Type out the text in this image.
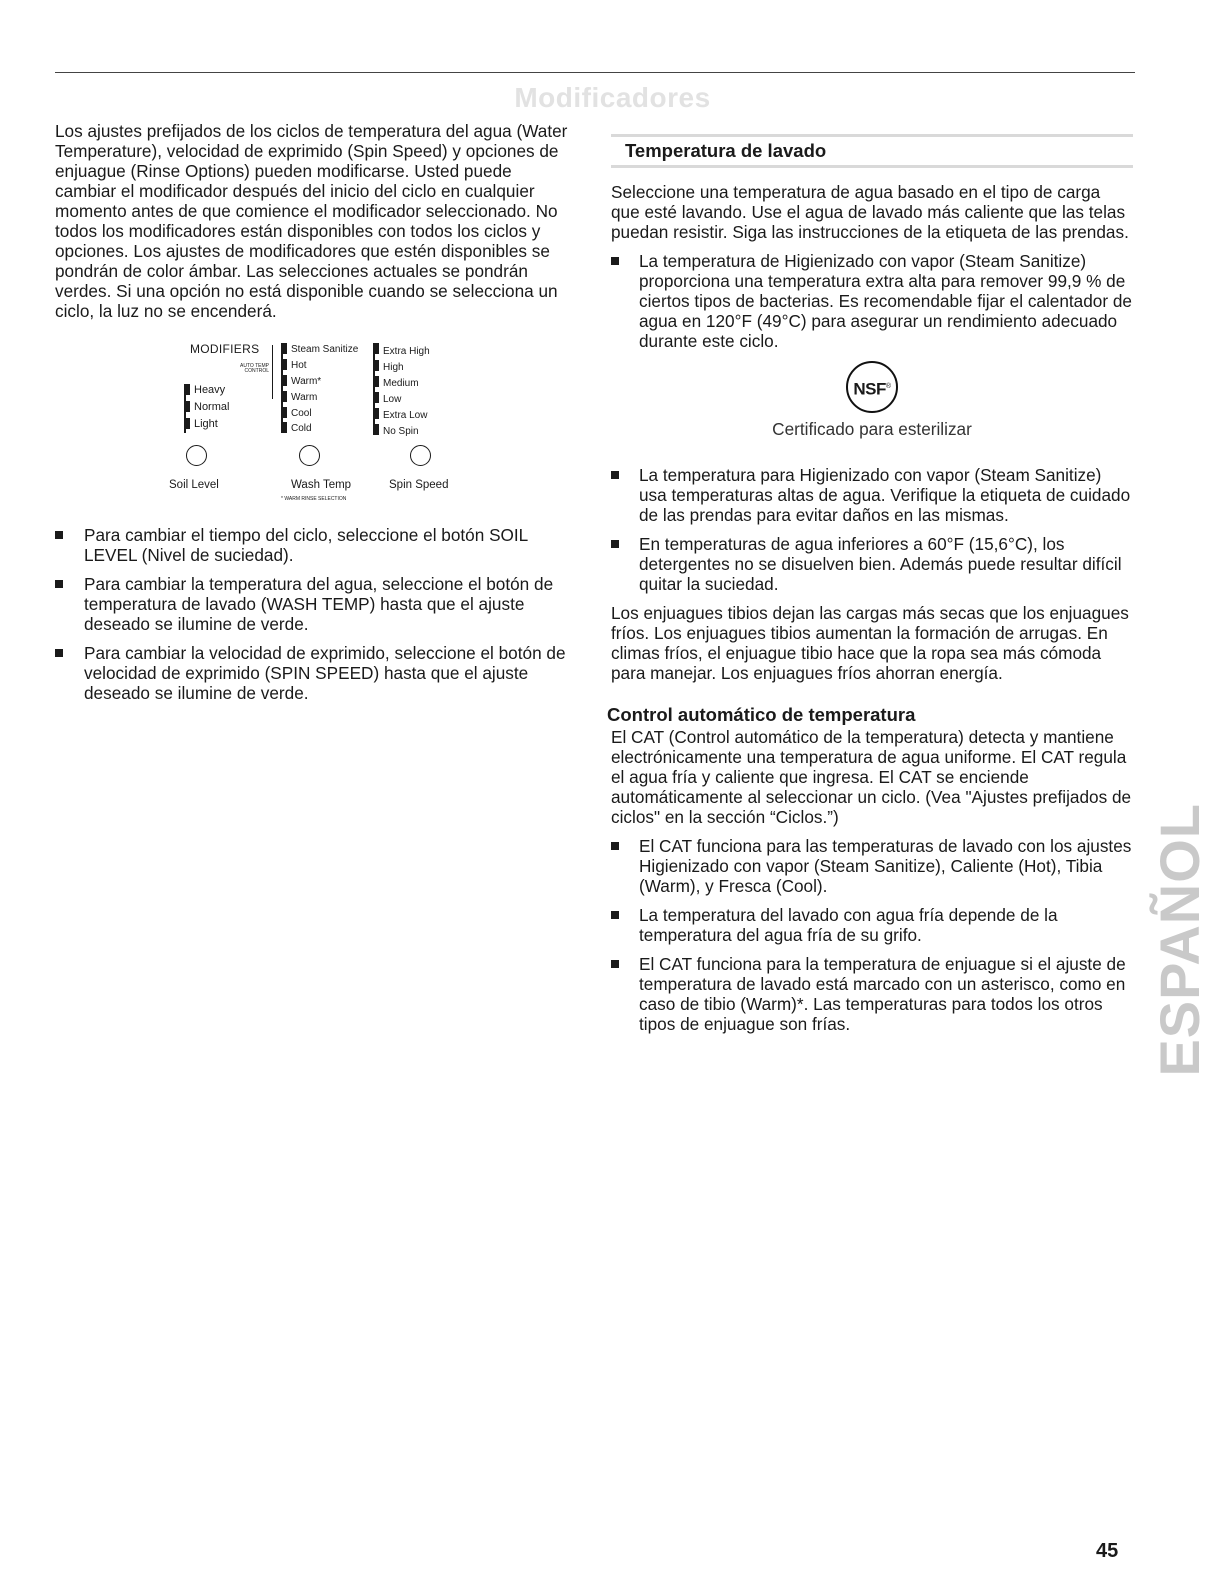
Modificadores

Los ajustes prefijados de los ciclos de temperatura del agua (Water Temperature), velocidad de exprimido (Spin Speed) y opciones de enjuague (Rinse Options) pueden modificarse. Usted puede cambiar el modificador después del inicio del ciclo en cualquier momento antes de que comience el modificador seleccionado. No todos los modificadores están disponibles con todos los ciclos y opciones. Los ajustes de modificadores que estén disponibles se pondrán de color ámbar. Las selecciones actuales se pondrán verdes. Si una opción no está disponible cuando se selecciona un ciclo, la luz no se encenderá.

MODIFIERS
Heavy
Normal
Light
AUTO TEMP CONTROL
Steam Sanitize
Hot
Warm*
Warm
Cool
Cold
Extra High
High
Medium
Low
Extra Low
No Spin
Soil Level	Wash Temp
* WARM RINSE SELECTION
Spin Speed
Para cambiar el tiempo del ciclo, seleccione el botón SOIL LEVEL (Nivel de suciedad).
Para cambiar la temperatura del agua, seleccione el botón de temperatura de lavado (WASH TEMP) hasta que el ajuste deseado se ilumine de verde.
Para cambiar la velocidad de exprimido, seleccione el botón de velocidad de exprimido (SPIN SPEED) hasta que el ajuste deseado se ilumine de verde.
Temperatura de lavado

Seleccione una temperatura de agua basado en el tipo de carga que esté lavando. Use el agua de lavado más caliente que las telas puedan resistir. Siga las instrucciones de la etiqueta de las prendas.

La temperatura de Higienizado con vapor (Steam Sanitize) proporciona una temperatura extra alta para remover 99,9 % de ciertos tipos de bacterias. Es recomendable fijar el calentador de agua en 120°F (49°C) para asegurar un rendimiento adecuado durante este ciclo.
NSF®
Certificado para esterilizar
La temperatura para Higienizado con vapor (Steam Sanitize) usa temperaturas altas de agua. Verifique la etiqueta de cuidado de las prendas para evitar daños en las mismas.
En temperaturas de agua inferiores a 60°F (15,6°C), los detergentes no se disuelven bien. Además puede resultar difícil quitar la suciedad.

Los enjuagues tibios dejan las cargas más secas que los enjuagues fríos. Los enjuagues tibios aumentan la formación de arrugas. En climas fríos, el enjuague tibio hace que la ropa sea más cómoda para manejar. Los enjuagues fríos ahorran energía.

Control automático de temperatura

El CAT (Control automático de la temperatura) detecta y mantiene electrónicamente una temperatura de agua uniforme. El CAT regula el agua fría y caliente que ingresa. El CAT se enciende automáticamente al seleccionar un ciclo. (Vea "Ajustes prefijados de ciclos" en la sección “Ciclos.”)

El CAT funciona para las temperaturas de lavado con los ajustes Higienizado con vapor (Steam Sanitize), Caliente (Hot), Tibia (Warm), y Fresca (Cool).
La temperatura del lavado con agua fría depende de la temperatura del agua fría de su grifo.
El CAT funciona para la temperatura de enjuague si el ajuste de temperatura de lavado está marcado con un asterisco, como en caso de tibio (Warm)*. Las temperaturas para todos los otros tipos de enjuague son frías.	ESPAÑOL
45
